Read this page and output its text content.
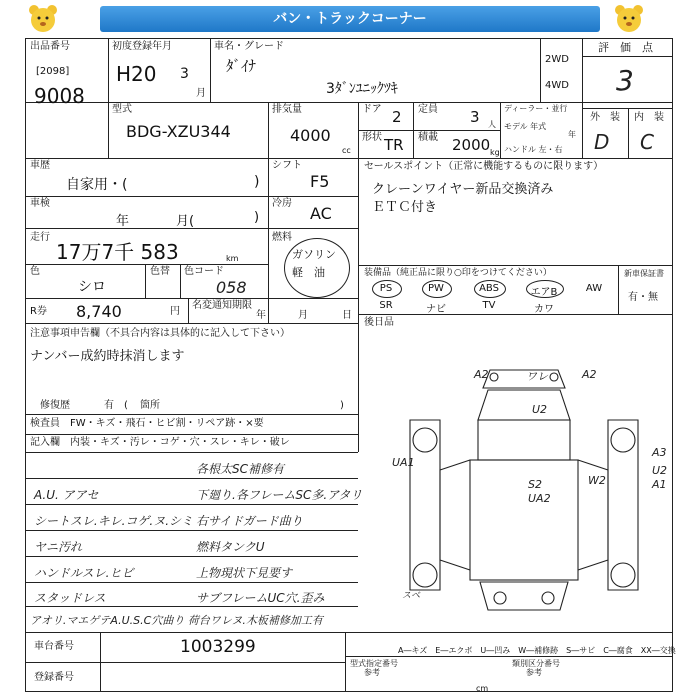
バン・トラックコーナー
出品番号
[2098]
9008
初度登録年月
H20 3
月
車名・グレード
ﾀﾞｲﾅ
3ﾀﾞﾝﾕﾆｯｸﾂｷ
2WD
4WD
評　価　点
3
外　装 内　装
D C
型式
BDG-XZU344
排気量
4000
cc
ドア 2 定員 3 人
形状 TR 積載 2000 kg
ディーラー・並行
モデル 年式
年
ハンドル 左・右
車歴
自家用・(	)
シフト
F5
車検
年	月(	)
冷房
AC
走行
17万7千 583	km
燃料
ガソリン
軽　油
色
シロ
色替 色コード
058
R券 8,740	円
名変通知期限
年	月	日
セールスポイント（正常に機能するものに限ります）
クレーンワイヤー新品交換済み
ＥＴＣ付き
装備品（純正品に限り○印をつけてください）
PS	PW	ABS	エアB	AW
SR	ナビ	TV	カワ
新車保証書
有・無
後日品
注意事項申告欄（不具合内容は具体的に記入して下さい）
ナンバー成約時抹消します
修復歴	有　( 箇所	)
検査員 FW・キズ・飛石・ヒビ割・リペア跡・×要
記入欄 内装・キズ・汚レ・コゲ・穴・スレ・キレ・破レ
各根太SC補修有
A.U. アアセ	下廻り.各フレームSC多.アタリ
シートスレ.キレ.コゲ.ヌ.シミ 右サイドガード曲り
ヤニ汚れ	燃料タンクU
ハンドルスレ.ヒビ	上物現状下見要す
スタッドレス	サブフレームUC穴.歪み
アオリ.マエゲテA.U.S.C穴曲り 荷台ワレヌ.木板補修加工有
車台番号	1003299
登録番号
A―キズ　E―エクボ　U―凹み　W―補修跡　S―サビ　C―腐食　XX―交換
型式指定番号
参考
類別区分番号
参考
cm
A2	ワレ	A2
U2
UA1
S2
UA2
W2
A3
U2
A1
スベ
